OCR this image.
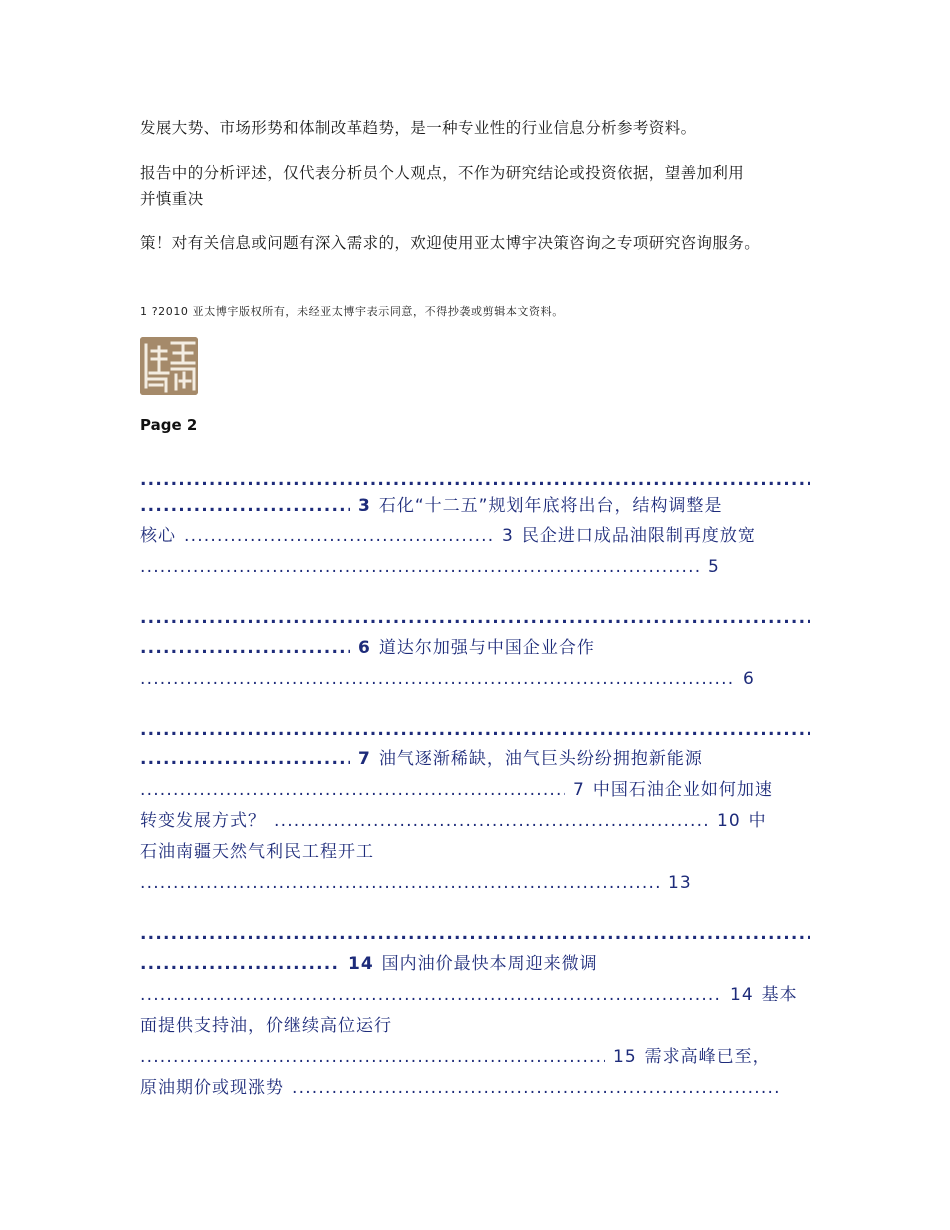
发展大势、市场形势和体制改革趋势，是一种专业性的行业信息分析参考资料。

报告中的分析评述，仅代表分析员个人观点，不作为研究结论或投资依据，望善加利用

并慎重决

策！对有关信息或问题有深入需求的，欢迎使用亚太博宇决策咨询之专项研究咨询服务。

1 ?2010 亚太博宇版权所有，未经亚太博宇表示同意，不得抄袭或剪辑本文资料。
Page 2
.....
.....3 石化“十二五”规划年底将出台，结构调整是
核心 .....	3 民企进口成品油限制再度放宽
.....5
.....
.....6 道达尔加强与中国企业合作
.....6
.....
.....7 油气逐渐稀缺，油气巨头纷纷拥抱新能源
.....7 中国石油企业如何加速
转变发展方式？ .....	10 中
石油南疆天然气利民工程开工
.....13
.....
.....14 国内油价最快本周迎来微调
.....14 基本
面提供支持油，价继续高位运行
.....15 需求高峰已至，
原油期价或现涨势.....
